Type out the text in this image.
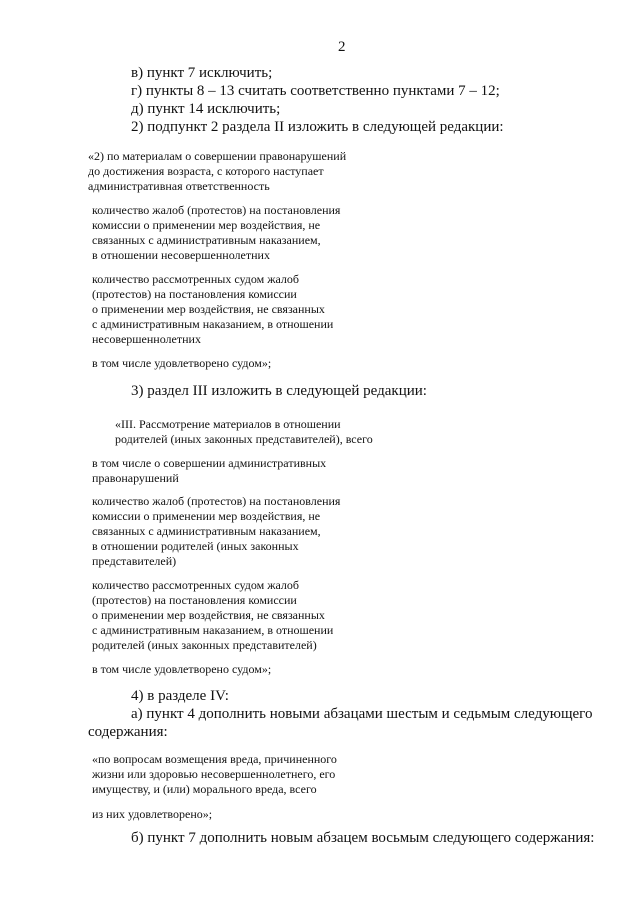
2
в) пункт 7 исключить;
г) пункты 8 – 13 считать соответственно пунктами 7 – 12;
д) пункт 14 исключить;
2) подпункт 2 раздела II изложить в следующей редакции:
«2) по материалам о совершении правонарушений
до достижения возраста, с которого наступает
административная ответственность
количество жалоб (протестов) на постановления
комиссии о применении мер воздействия, не
связанных с административным наказанием,
в отношении несовершеннолетних
количество рассмотренных судом жалоб
(протестов) на постановления комиссии
о применении мер воздействия, не связанных
с административным наказанием, в отношении
несовершеннолетних
в том числе удовлетворено судом»;
3) раздел III изложить в следующей редакции:
«III. Рассмотрение материалов в отношении
родителей (иных законных представителей), всего
в том числе о совершении административных
правонарушений
количество жалоб (протестов) на постановления
комиссии о применении мер воздействия, не
связанных с административным наказанием,
в отношении родителей (иных законных
представителей)
количество рассмотренных судом жалоб
(протестов) на постановления комиссии
о применении мер воздействия, не связанных
с административным наказанием, в отношении
родителей (иных законных представителей)
в том числе удовлетворено судом»;
4) в разделе IV:
а) пункт 4 дополнить новыми абзацами шестым и седьмым следующего
содержания:
«по вопросам возмещения вреда, причиненного
жизни или здоровью несовершеннолетнего, его
имуществу, и (или) морального вреда, всего
из них удовлетворено»;
б) пункт 7 дополнить новым абзацем восьмым следующего содержания:
